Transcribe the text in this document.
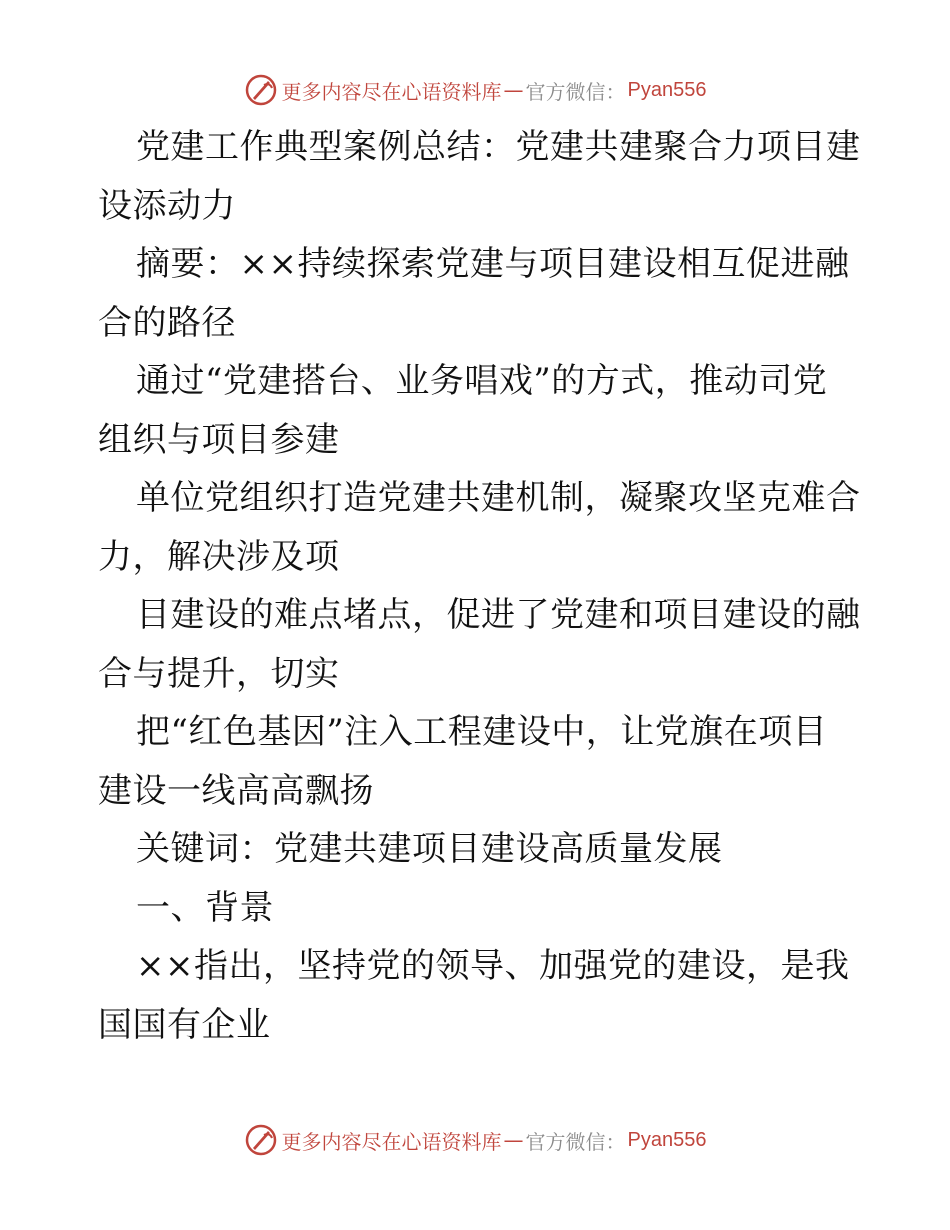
更多内容尽在心语资料库 — 官方微信： Pyan556

党建工作典型案例总结：党建共建聚合力项目建
设添动力

摘要：××持续探索党建与项目建设相互促进融
合的路径

通过“党建搭台、业务唱戏”的方式，推动司党
组织与项目参建

单位党组织打造党建共建机制，凝聚攻坚克难合
力，解决涉及项

目建设的难点堵点，促进了党建和项目建设的融
合与提升，切实

把“红色基因”注入工程建设中，让党旗在项目
建设一线高高飘扬

关键词：党建共建项目建设高质量发展

一、背景

××指出，坚持党的领导、加强党的建设，是我
国国有企业

更多内容尽在心语资料库 — 官方微信： Pyan556
